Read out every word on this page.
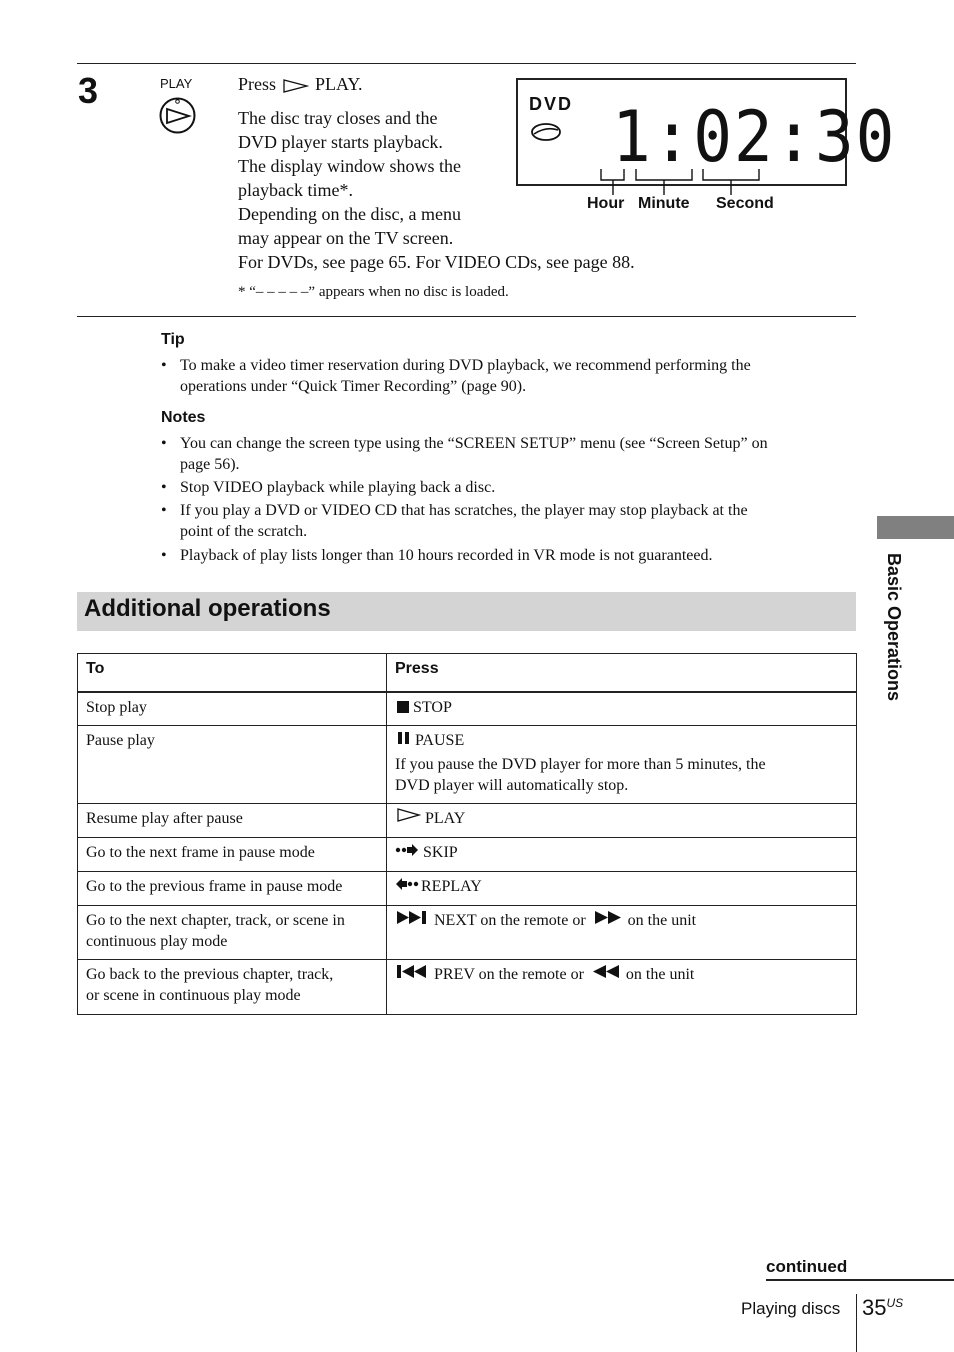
3	PLAY	Press PLAY.
The disc tray closes and the
DVD player starts playback.
The display window shows the
playback time*.
Depending on the disc, a menu
may appear on the TV screen.
For DVDs, see page 65. For VIDEO CDs, see page 88.
* “– – – – –” appears when no disc is loaded.
DVD 1:02:30
Hour Minute Second
Tip
• To make a video timer reservation during DVD playback, we recommend performing the
operations under “Quick Timer Recording” (page 90).
Notes
• You can change the screen type using the “SCREEN SETUP” menu (see “Screen Setup” on
page 56).
• Stop VIDEO playback while playing back a disc.
• If you play a DVD or VIDEO CD that has scratches, the player may stop playback at the
point of the scratch.
• Playback of play lists longer than 10 hours recorded in VR mode is not guaranteed.
Additional operations
To	Press

Stop play	STOP

Pause play	PAUSE
If you pause the DVD player for more than 5 minutes, the
DVD player will automatically stop.

Resume play after pause	PLAY

Go to the next frame in pause mode	SKIP

Go to the previous frame in pause mode	REPLAY

Go to the next chapter, track, or scene in
continuous play mode	NEXT on the remote or on the unit

Go back to the previous chapter, track,
or scene in continuous play mode	PREV on the remote or on the unit
Basic Operations
continued
Playing discs $35^{US}$
